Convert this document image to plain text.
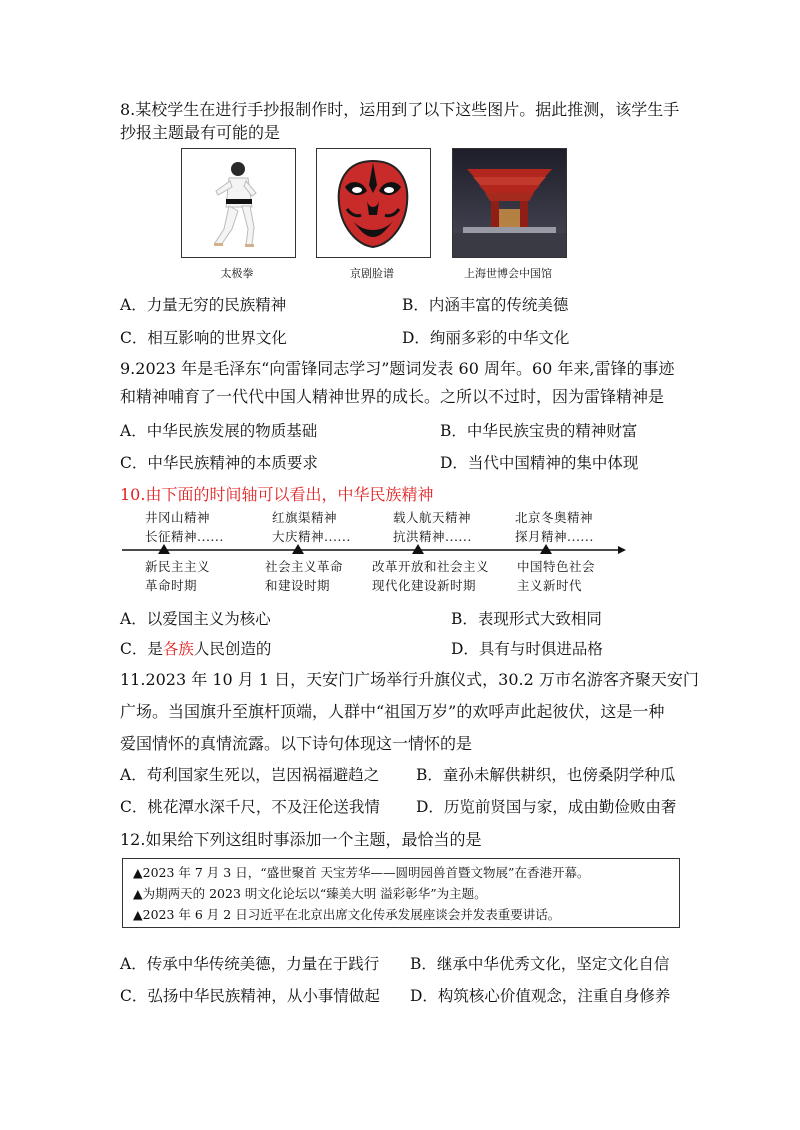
8.某校学生在进行手抄报制作时，运用到了以下这些图片。据此推测，该学生手
抄报主题最有可能的是
太极拳	京剧脸谱	上海世博会中国馆
A．力量无穷的民族精神	B．内涵丰富的传统美德
C．相互影响的世界文化	D．绚丽多彩的中华文化
9.2023 年是毛泽东“向雷锋同志学习”题词发表 60 周年。60 年来,雷锋的事迹
和精神哺育了一代代中国人精神世界的成长。之所以不过时，因为雷锋精神是
A．中华民族发展的物质基础	B．中华民族宝贵的精神财富
C．中华民族精神的本质要求	D．当代中国精神的集中体现
10.由下面的时间轴可以看出，中华民族精神
井冈山精神
长征精神......
红旗渠精神
大庆精神......
载人航天精神
抗洪精神......
北京冬奥精神
探月精神......
新民主主义
革命时期
社会主义革命
和建设时期
改革开放和社会主义
现代化建设新时期
中国特色社会
主义新时代
A．以爱国主义为核心	B．表现形式大致相同
C．是各族人民创造的	D．具有与时俱进品格
11.2023 年 10 月 1 日，天安门广场举行升旗仪式，30.2 万市名游客齐聚天安门
广场。当国旗升至旗杆顶端，人群中“祖国万岁”的欢呼声此起彼伏，这是一种
爱国情怀的真情流露。以下诗句体现这一情怀的是
A．苟利国家生死以，岂因祸福避趋之 B．童孙未解供耕织，也傍桑阴学种瓜
C．桃花潭水深千尺，不及汪伦送我情 D．历览前贤国与家，成由勤俭败由奢
12.如果给下列这组时事添加一个主题，最恰当的是
▲2023 年 7 月 3 日，“盛世聚首 天宝芳华——圆明园兽首暨文物展”在香港开幕。
▲为期两天的 2023 明文化论坛以“臻美大明 溢彩彰华”为主题。
▲2023 年 6 月 2 日习近平在北京出席文化传承发展座谈会并发表重要讲话。
A．传承中华传统美德，力量在于践行 B．继承中华优秀文化，坚定文化自信
C．弘扬中华民族精神，从小事情做起 D．构筑核心价值观念，注重自身修养
